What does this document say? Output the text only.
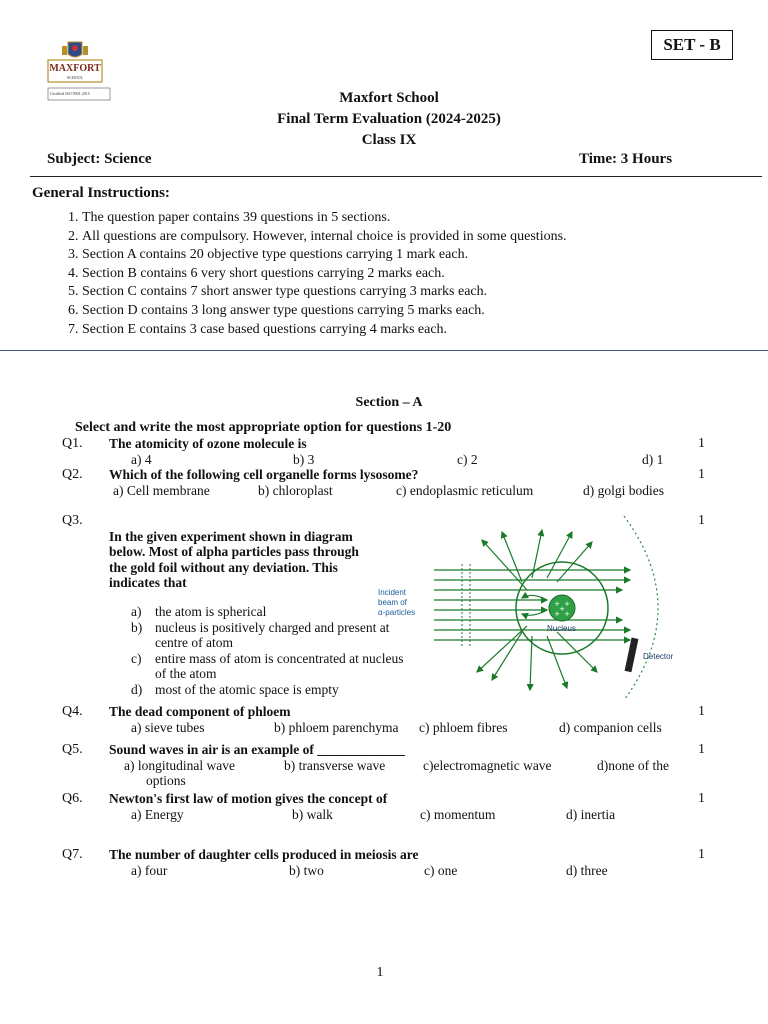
MAXFORT
SCHOOL
Certified ISO 9001:2015
SET - B
Maxfort School
Final Term Evaluation (2024-2025)
Class IX
Subject: Science	Time: 3 Hours
General Instructions:
1. The question paper contains 39 questions in 5 sections.
2. All questions are compulsory. However, internal choice is provided in some questions.
3. Section A contains 20 objective type questions carrying 1 mark each.
4. Section B contains 6 very short questions carrying 2 marks each.
5. Section C contains 7 short answer type questions carrying 3 marks each.
6. Section D contains 3 long answer type questions carrying 5 marks each.
7. Section E contains 3 case based questions carrying 4 marks each.
Section – A
Select and write the most appropriate option for questions 1-20
Q1. The atomicity of ozone molecule is	1
a) 4	b) 3	c) 2	d) 1
Q2. Which of the following cell organelle forms lysosome?	1
a) Cell membrane	b) chloroplast	c) endoplasmic reticulum	d) golgi bodies
Q3.	1
In the given experiment shown in diagram below. Most of alpha particles pass through the gold foil without any deviation. This indicates that
a) the atom is spherical
b) nucleus is positively charged and present at centre of atom
c) entire mass of atom is concentrated at nucleus of the atom
d) most of the atomic space is empty
+ +
+ +
+
Incident
beam of
α-particles
Nucleus
Detector
Q4. The dead component of phloem	1
a) sieve tubes	b) phloem parenchyma c) phloem fibres	d) companion cells
Q5. Sound waves in air is an example of _____________	1
a) longitudinal wave	b) transverse wave	c)electromagnetic wave	d)none of the
options
Q6. Newton's first law of motion gives the concept of	1
a) Energy	b) walk	c) momentum	d) inertia
Q7. The number of daughter cells produced in meiosis are	1
a) four	b) two	c) one	d) three
1
